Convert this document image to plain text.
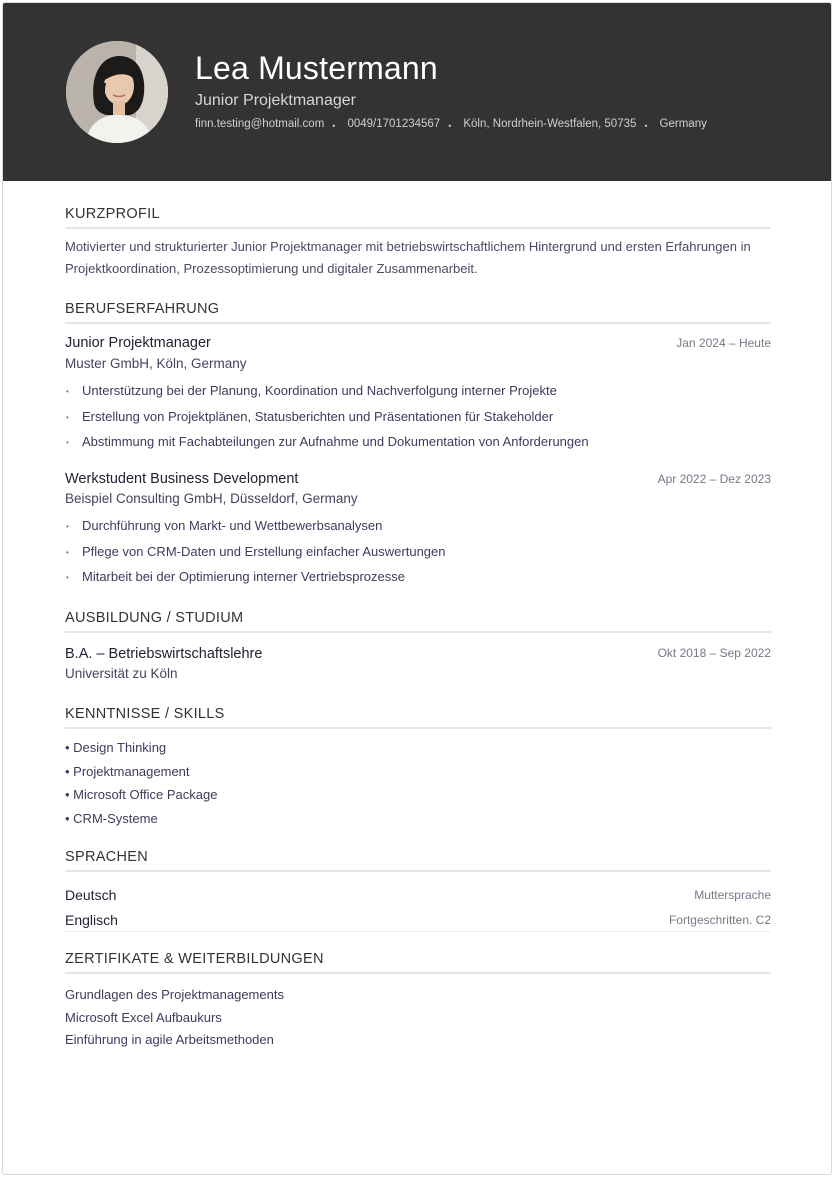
Lea Mustermann
Junior Projektmanager
finn.testing@hotmail.com • 0049/1701234567 • Köln, Nordrhein-Westfalen, 50735 • Germany
KURZPROFIL
Motivierter und strukturierter Junior Projektmanager mit betriebswirtschaftlichem Hintergrund und ersten Erfahrungen in Projektkoordination, Prozessoptimierung und digitaler Zusammenarbeit.
BERUFSERFAHRUNG
Junior Projektmanager	Jan 2024 – Heute
Muster GmbH, Köln, Germany
•	Unterstützung bei der Planung, Koordination und Nachverfolgung interner Projekte
•	Erstellung von Projektplänen, Statusberichten und Präsentationen für Stakeholder
•	Abstimmung mit Fachabteilungen zur Aufnahme und Dokumentation von Anforderungen
Werkstudent Business Development	Apr 2022 – Dez 2023
Beispiel Consulting GmbH, Düsseldorf, Germany
•	Durchführung von Markt- und Wettbewerbsanalysen
•	Pflege von CRM-Daten und Erstellung einfacher Auswertungen
•	Mitarbeit bei der Optimierung interner Vertriebsprozesse
AUSBILDUNG / STUDIUM
B.A. – Betriebswirtschaftslehre	Okt 2018 – Sep 2022
Universität zu Köln
KENNTNISSE / SKILLS
• Design Thinking
• Projektmanagement
• Microsoft Office Package
• CRM-Systeme
SPRACHEN
Deutsch	Muttersprache
Englisch	Fortgeschritten. C2
ZERTIFIKATE & WEITERBILDUNGEN
Grundlagen des Projektmanagements
Microsoft Excel Aufbaukurs
Einführung in agile Arbeitsmethoden
